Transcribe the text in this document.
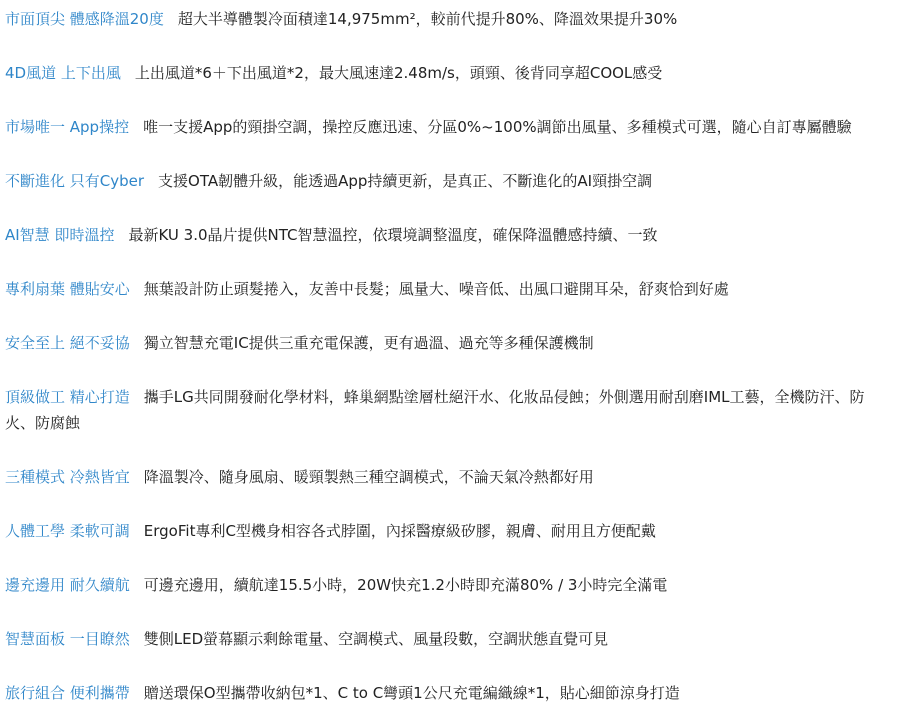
市面頂尖 體感降溫20度 超大半導體製冷面積達14,975mm²，較前代提升80%、降溫效果提升30%
4D風道 上下出風 上出風道*6＋下出風道*2，最大風速達2.48m/s，頭頸、後背同享超COOL感受
市場唯一 App操控 唯一支援App的頸掛空調，操控反應迅速、分區0%~100%調節出風量、多種模式可選，隨心自訂專屬體驗
不斷進化 只有Cyber 支援OTA韌體升級，能透過App持續更新，是真正、不斷進化的AI頸掛空調
AI智慧 即時溫控 最新KU 3.0晶片提供NTC智慧溫控，依環境調整溫度，確保降溫體感持續、一致
專利扇葉 體貼安心 無葉設計防止頭髮捲入，友善中長髮；風量大、噪音低、出風口避開耳朵，舒爽恰到好處
安全至上 絕不妥協 獨立智慧充電IC提供三重充電保護，更有過溫、過充等多種保護機制
頂級做工 精心打造 攜手LG共同開發耐化學材料，蜂巢網點塗層杜絕汗水、化妝品侵蝕；外側選用耐刮磨IML工藝，全機防汗、防火、防腐蝕
三種模式 冷熱皆宜 降溫製冷、隨身風扇、暖頸製熱三種空調模式，不論天氣冷熱都好用
人體工學 柔軟可調 ErgoFit專利C型機身相容各式脖圍，內採醫療級矽膠，親膚、耐用且方便配戴
邊充邊用 耐久續航 可邊充邊用，續航達15.5小時，20W快充1.2小時即充滿80% / 3小時完全滿電
智慧面板 一目瞭然 雙側LED螢幕顯示剩餘電量、空調模式、風量段數，空調狀態直覺可見
旅行組合 便利攜帶 贈送環保O型攜帶收納包*1、C to C彎頭1公尺充電編織線*1，貼心細節涼身打造
